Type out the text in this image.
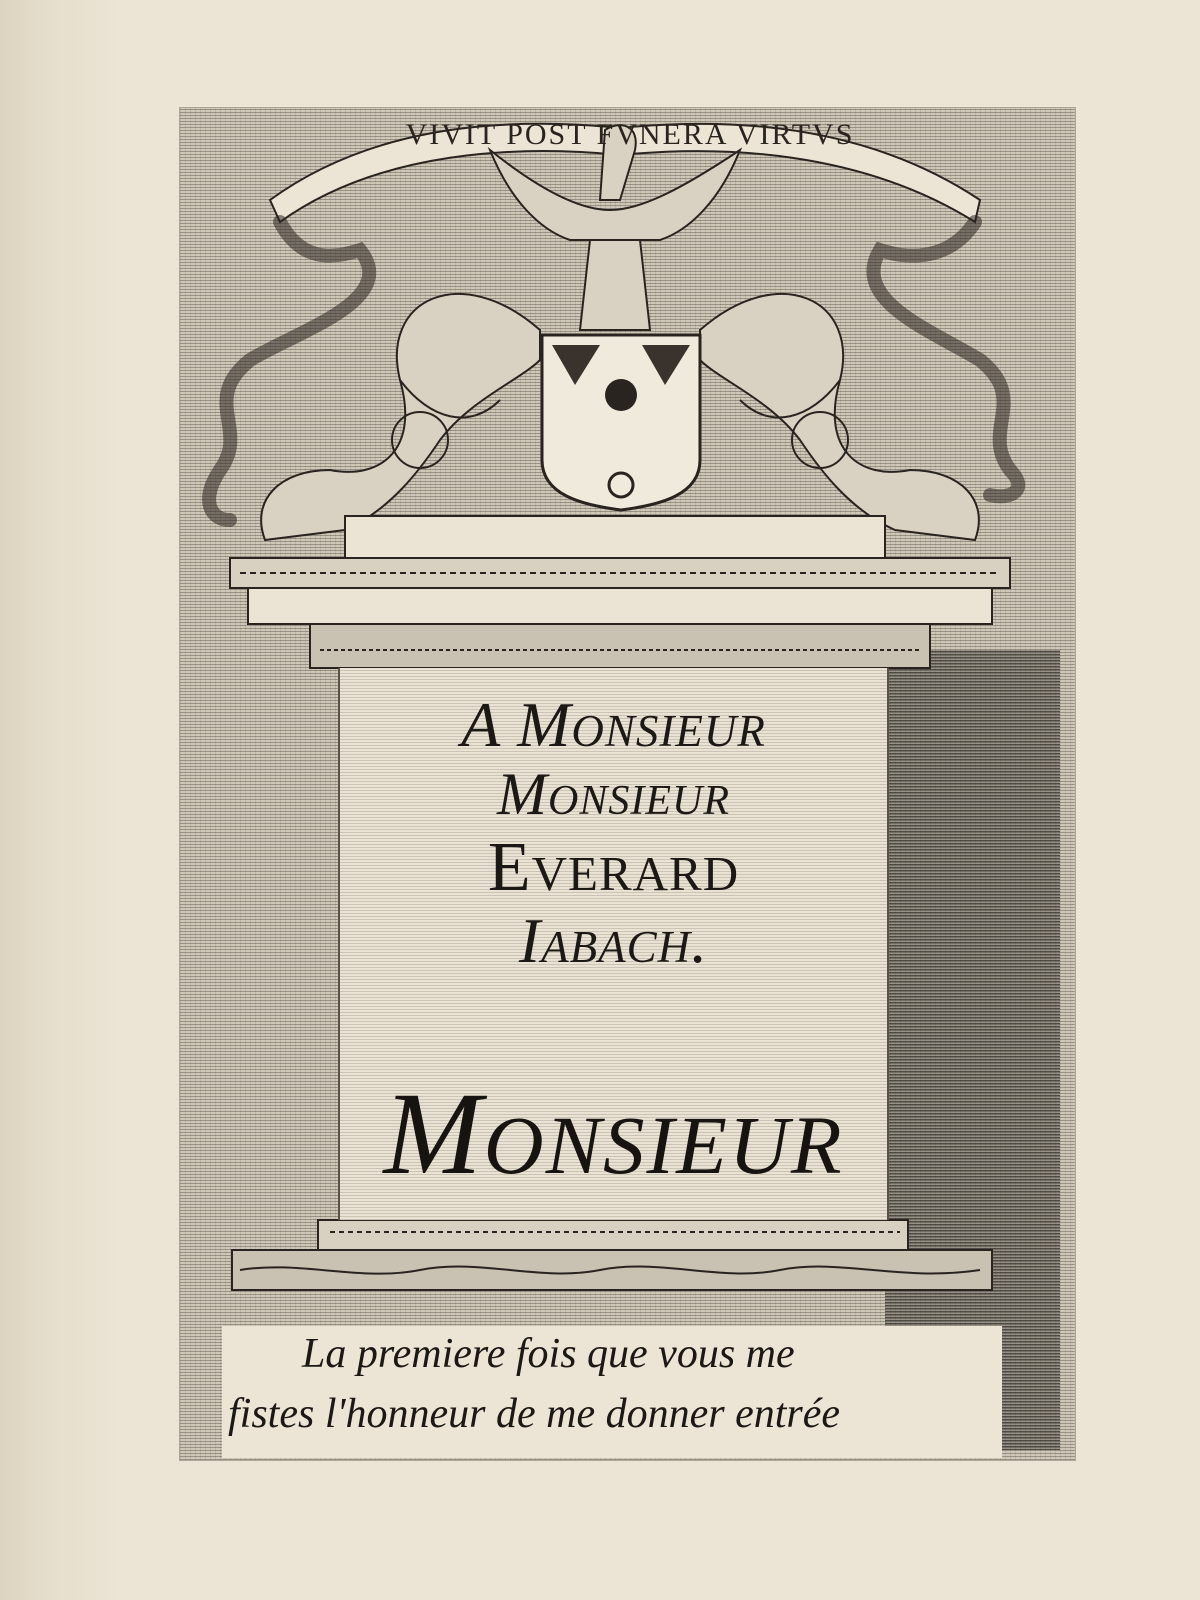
VIVIT POST FVNERA VIRTVS
A Monsieur
Monsieur
Everard
Iabach.
Monsieur
La premiere fois que vous me
fistes l'honneur de me donner entrée
